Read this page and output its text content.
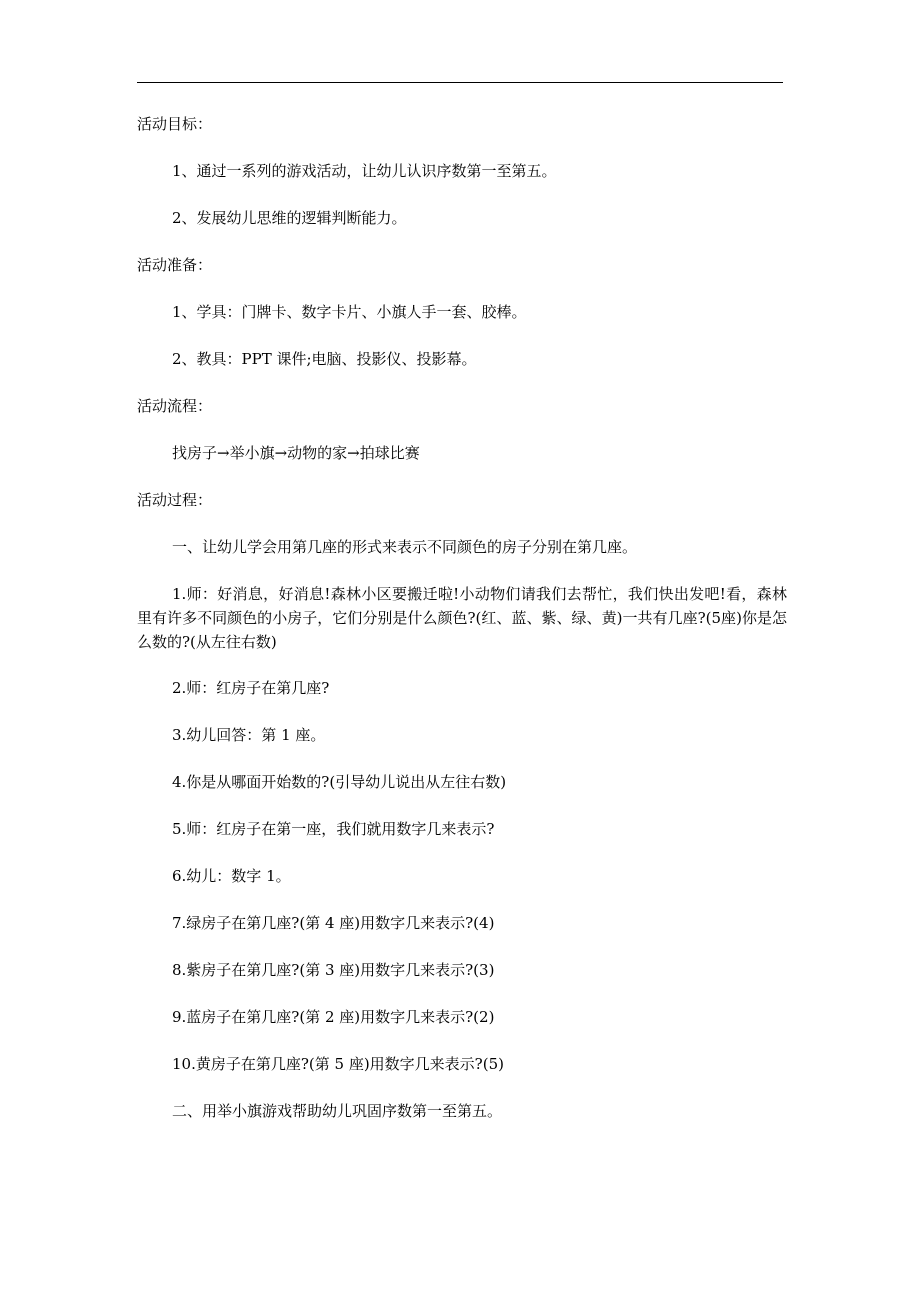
活动目标：
1、通过一系列的游戏活动，让幼儿认识序数第一至第五。
2、发展幼儿思维的逻辑判断能力。
活动准备：
1、学具：门牌卡、数字卡片、小旗人手一套、胶棒。
2、教具：PPT 课件;电脑、投影仪、投影幕。
活动流程：
找房子→举小旗→动物的家→拍球比赛
活动过程：
一、让幼儿学会用第几座的形式来表示不同颜色的房子分别在第几座。
1.师：好消息，好消息!森林小区要搬迁啦!小动物们请我们去帮忙，我们快出发吧!看，森林里有许多不同颜色的小房子，它们分别是什么颜色?(红、蓝、紫、绿、黄)一共有几座?(5座)你是怎么数的?(从左往右数)
2.师：红房子在第几座?
3.幼儿回答：第 1 座。
4.你是从哪面开始数的?(引导幼儿说出从左往右数)
5.师：红房子在第一座，我们就用数字几来表示?
6.幼儿：数字 1。
7.绿房子在第几座?(第 4 座)用数字几来表示?(4)
8.紫房子在第几座?(第 3 座)用数字几来表示?(3)
9.蓝房子在第几座?(第 2 座)用数字几来表示?(2)
10.黄房子在第几座?(第 5 座)用数字几来表示?(5)
二、用举小旗游戏帮助幼儿巩固序数第一至第五。
